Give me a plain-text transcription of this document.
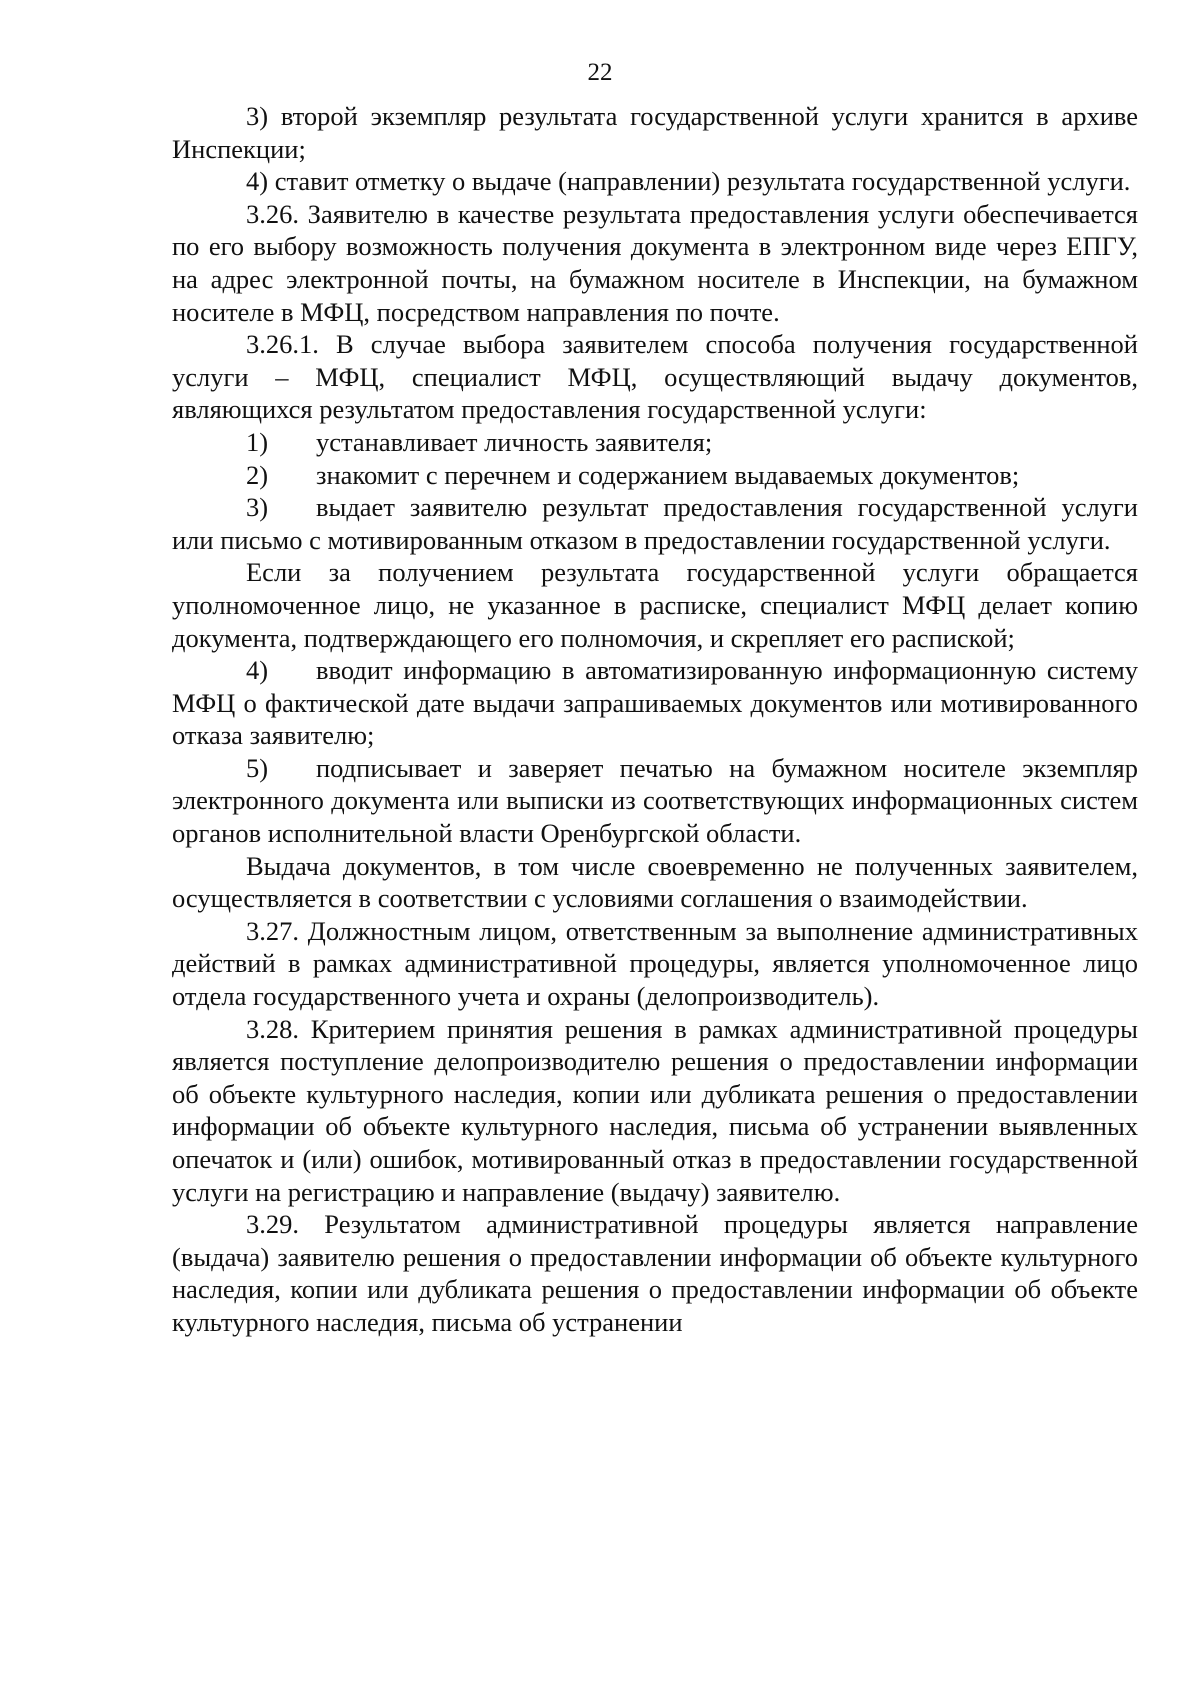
22

3) второй экземпляр результата государственной услуги хранится в архиве Инспекции;

4) ставит отметку о выдаче (направлении) результата государственной услуги.

3.26. Заявителю в качестве результата предоставления услуги обеспечивается по его выбору возможность получения документа в электронном виде через ЕПГУ, на адрес электронной почты, на бумажном носителе в Инспекции, на бумажном носителе в МФЦ, посредством направления по почте.

3.26.1. В случае выбора заявителем способа получения государственной услуги – МФЦ, специалист МФЦ, осуществляющий выдачу документов, являющихся результатом предоставления государственной услуги:

1) устанавливает личность заявителя;

2) знакомит с перечнем и содержанием выдаваемых документов;

3) выдает заявителю результат предоставления государственной услуги или письмо с мотивированным отказом в предоставлении государственной услуги.

Если за получением результата государственной услуги обращается уполномоченное лицо, не указанное в расписке, специалист МФЦ делает копию документа, подтверждающего его полномочия, и скрепляет его распиской;

4) вводит информацию в автоматизированную информационную систему МФЦ о фактической дате выдачи запрашиваемых документов или мотивированного отказа заявителю;

5) подписывает и заверяет печатью на бумажном носителе экземпляр электронного документа или выписки из соответствующих информационных систем органов исполнительной власти Оренбургской области.

Выдача документов, в том числе своевременно не полученных заявителем, осуществляется в соответствии с условиями соглашения о взаимодействии.

3.27. Должностным лицом, ответственным за выполнение административных действий в рамках административной процедуры, является уполномоченное лицо отдела государственного учета и охраны (делопроизводитель).

3.28. Критерием принятия решения в рамках административной процедуры является поступление делопроизводителю решения о предоставлении информации об объекте культурного наследия, копии или дубликата решения о предоставлении информации об объекте культурного наследия, письма об устранении выявленных опечаток и (или) ошибок, мотивированный отказ в предоставлении государственной услуги на регистрацию и направление (выдачу) заявителю.

3.29. Результатом административной процедуры является направление (выдача) заявителю решения о предоставлении информации об объекте культурного наследия, копии или дубликата решения о предоставлении информации об объекте культурного наследия, письма об устранении
